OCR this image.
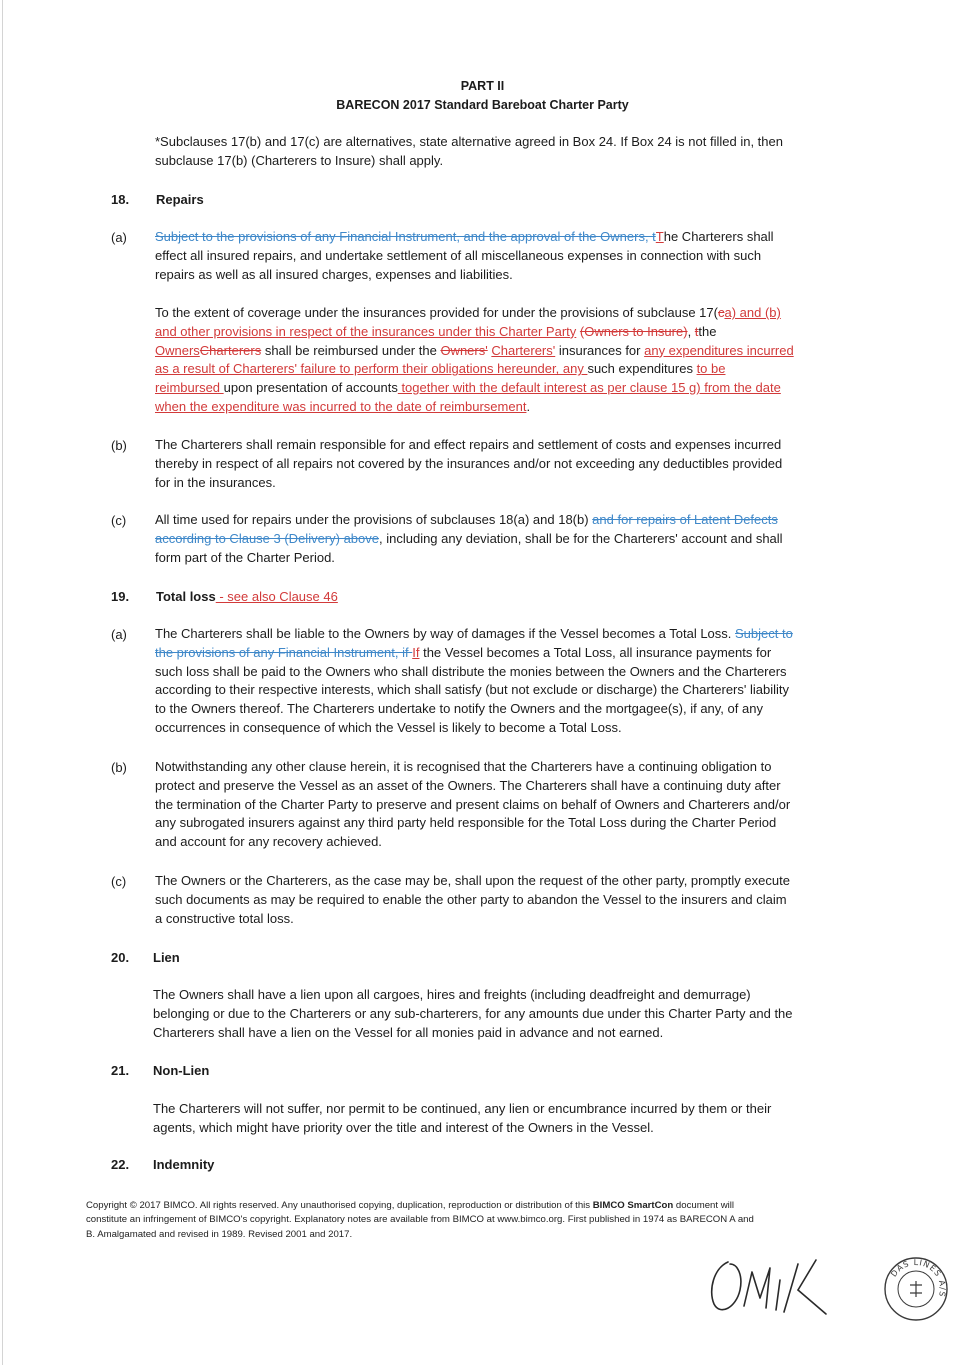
PART II
BARECON 2017 Standard Bareboat Charter Party
*Subclauses 17(b) and 17(c) are alternatives, state alternative agreed in Box 24. If Box 24 is not filled in, then
subclause 17(b) (Charterers to Insure) shall apply.
18. Repairs
(a) Subject to the provisions of any Financial Instrument, and the approval of the Owners, tThe Charterers shall
effect all insured repairs, and undertake settlement of all miscellaneous expenses in connection with such
repairs as well as all insured charges, expenses and liabilities.
To the extent of coverage under the insurances provided for under the provisions of subclause 17(ca) and (b)
and other provisions in respect of the insurances under this Charter Party (Owners to Insure), tthe
OwnersCharterers shall be reimbursed under the Owners' Charterers' insurances for any expenditures incurred
as a result of Charterers' failure to perform their obligations hereunder, any such expenditures to be
reimbursed upon presentation of accounts together with the default interest as per clause 15 g) from the date
when the expenditure was incurred to the date of reimbursement.
(b) The Charterers shall remain responsible for and effect repairs and settlement of costs and expenses incurred
thereby in respect of all repairs not covered by the insurances and/or not exceeding any deductibles provided
for in the insurances.
(c) All time used for repairs under the provisions of subclauses 18(a) and 18(b) and for repairs of Latent Defects
according to Clause 3 (Delivery) above, including any deviation, shall be for the Charterers' account and shall
form part of the Charter Period.
19. Total loss - see also Clause 46
(a) The Charterers shall be liable to the Owners by way of damages if the Vessel becomes a Total Loss. Subject to
the provisions of any Financial Instrument, if If the Vessel becomes a Total Loss, all insurance payments for
such loss shall be paid to the Owners who shall distribute the monies between the Owners and the Charterers
according to their respective interests, which shall satisfy (but not exclude or discharge) the Charterers' liability
to the Owners thereof. The Charterers undertake to notify the Owners and the mortgagee(s), if any, of any
occurrences in consequence of which the Vessel is likely to become a Total Loss.
(b) Notwithstanding any other clause herein, it is recognised that the Charterers have a continuing obligation to
protect and preserve the Vessel as an asset of the Owners. The Charterers shall have a continuing duty after
the termination of the Charter Party to preserve and present claims on behalf of Owners and Charterers and/or
any subrogated insurers against any third party held responsible for the Total Loss during the Charter Period
and account for any recovery achieved.
(c) The Owners or the Charterers, as the case may be, shall upon the request of the other party, promptly execute
such documents as may be required to enable the other party to abandon the Vessel to the insurers and claim
a constructive total loss.
20. Lien
The Owners shall have a lien upon all cargoes, hires and freights (including deadfreight and demurrage)
belonging or due to the Charterers or any sub-charterers, for any amounts due under this Charter Party and the
Charterers shall have a lien on the Vessel for all monies paid in advance and not earned.
21. Non-Lien
The Charterers will not suffer, nor permit to be continued, any lien or encumbrance incurred by them or their
agents, which might have priority over the title and interest of the Owners in the Vessel.
22. Indemnity
Copyright © 2017 BIMCO. All rights reserved. Any unauthorised copying, duplication, reproduction or distribution of this BIMCO SmartCon document will
constitute an infringement of BIMCO's copyright. Explanatory notes are available from BIMCO at www.bimco.org. First published in 1974 as BARECON A and
B. Amalgamated and revised in 1989. Revised 2001 and 2017.
DAS LINES A/S
